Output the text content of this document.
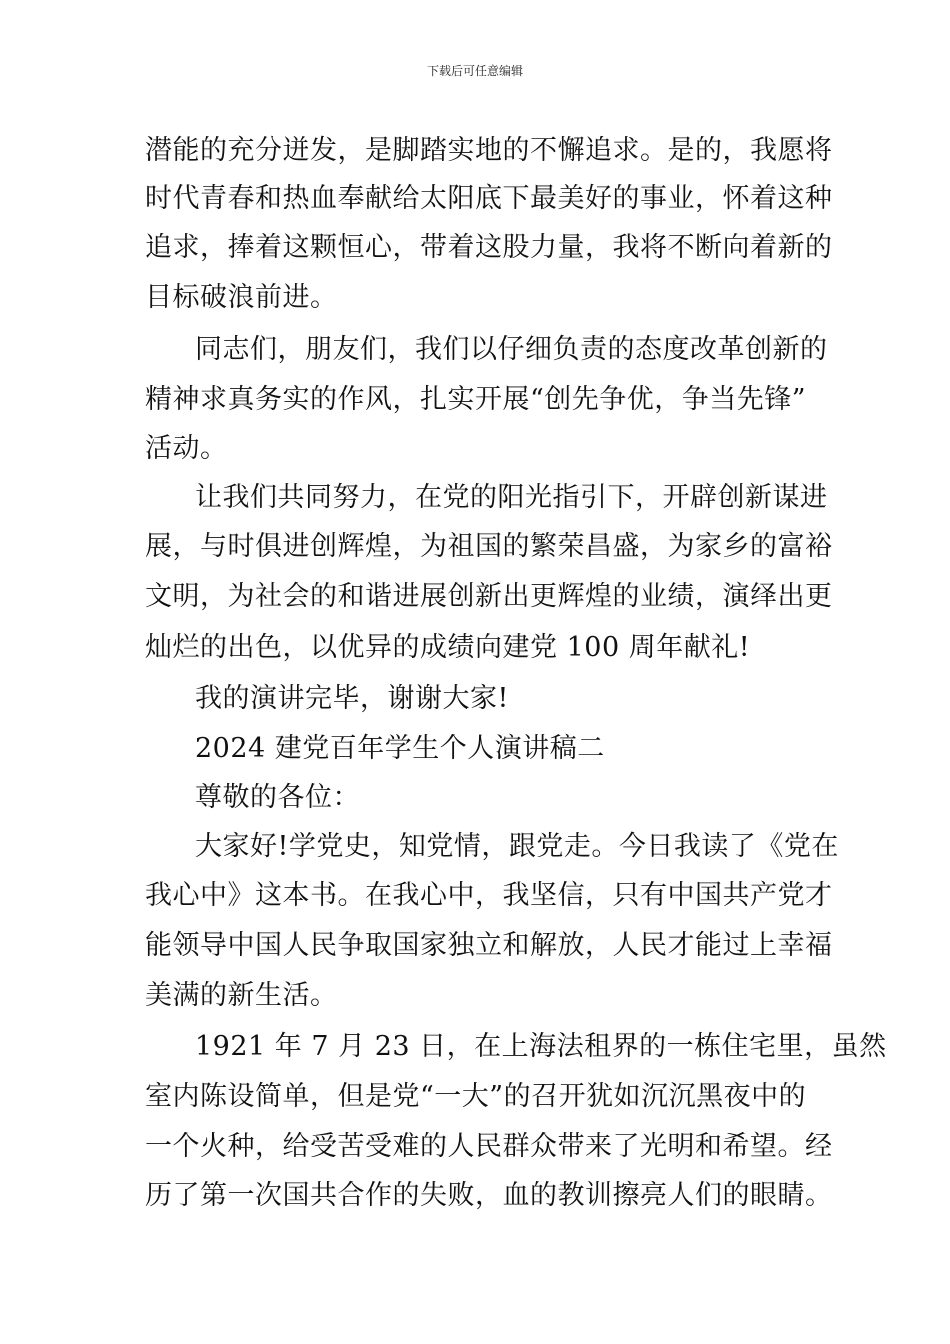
下载后可任意编辑
潜能的充分迸发，是脚踏实地的不懈追求。是的，我愿将
时代青春和热血奉献给太阳底下最美好的事业，怀着这种
追求，捧着这颗恒心，带着这股力量，我将不断向着新的
目标破浪前进。
同志们，朋友们，我们以仔细负责的态度改革创新的
精神求真务实的作风，扎实开展“创先争优，争当先锋”
活动。
让我们共同努力，在党的阳光指引下，开辟创新谋进
展，与时俱进创辉煌，为祖国的繁荣昌盛，为家乡的富裕
文明，为社会的和谐进展创新出更辉煌的业绩，演绎出更
灿烂的出色，以优异的成绩向建党 100 周年献礼!
我的演讲完毕，谢谢大家!
2024 建党百年学生个人演讲稿二
尊敬的各位：
大家好!学党史，知党情，跟党走。今日我读了《党在
我心中》这本书。在我心中，我坚信，只有中国共产党才
能领导中国人民争取国家独立和解放，人民才能过上幸福
美满的新生活。
1921 年 7 月 23 日，在上海法租界的一栋住宅里，虽然
室内陈设简单，但是党“一大”的召开犹如沉沉黑夜中的
一个火种，给受苦受难的人民群众带来了光明和希望。经
历了第一次国共合作的失败，血的教训擦亮人们的眼睛。
